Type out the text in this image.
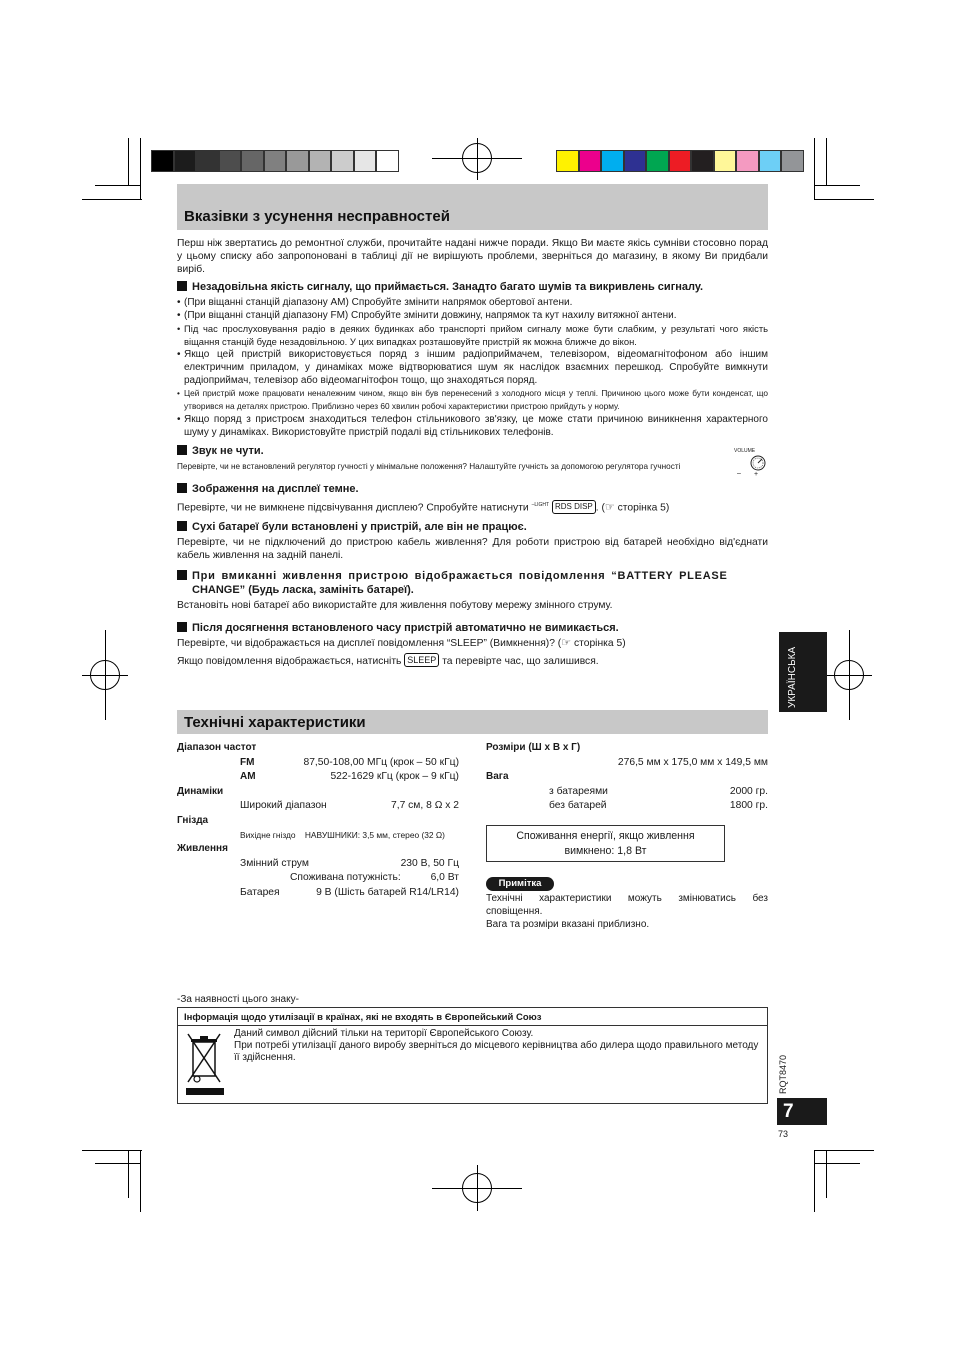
Вказівки з усунення несправностей

Перш ніж звертатись до ремонтної служби, прочитайте надані нижче поради. Якщо Ви маєте якісь сумніви стосовно порад у цьому списку або запропоновані в таблиці дії не вирішують проблеми, зверніться до магазину, в якому Ви придбали виріб.

Незадовільна якість сигналу, що приймається. Занадто багато шумів та викривлень сигналу.
• (При віщанні станцій діапазону AM) Спробуйте змінити напрямок обертової антени.
• (При віщанні станцій діапазону FM) Спробуйте змінити довжину, напрямок та кут нахилу витяжної антени.
• Під час прослуховування радіо в деяких будинках або транспорті прийом сигналу може бути слабким, у результаті чого якість віщання станцій буде незадовільною. У цих випадках розташовуйте пристрій як можна ближче до вікон.
• Якщо цей пристрій використовується поряд з іншим радіоприймачем, телевізором, відеомагнітофоном або іншим електричним приладом, у динаміках може відтворюватися шум як наслідок взаємних перешкод. Спробуйте вимкнути радіоприймач, телевізор або відеомагнітофон тощо, що знаходяться поряд.
• Цей пристрій може працювати неналежним чином, якщо він був перенесений з холодного місця у теплі. Причиною цього може бути конденсат, що утворився на деталях пристрою. Приблизно через 60 хвилин робочі характеристики пристрою прийдуть у норму.
• Якщо поряд з пристроєм знаходиться телефон стільникового зв'язку, це може стати причиною виникнення характерного шуму у динаміках. Використовуйте пристрій подалі від стільникових телефонів.
Звук не чути.
Перевірте, чи не встановлений регулятор гучності у мінімальне положення? Налаштуйте гучність за допомогою регулятора гучності
VOLUME
– +
Зображення на дисплеї темне.
Перевірте, чи не вимкнене підсвічування дисплею? Спробуйте натиснути $^{-LIGHT}$ RDS DISP . (☞ сторінка 5)
Сухі батареї були встановлені у пристрій, але він не працює.

Перевірте, чи не підключений до пристрою кабель живлення? Для роботи пристрою від батарей необхідно від'єднати кабель живлення на задній панелі.

При вмиканні живлення пристрою відображається повідомлення “BATTERY PLEASE
CHANGE” (Будь ласка, замініть батареї).

Встановіть нові батареї або використайте для живлення побутову мережу змінного струму.

Після досягнення встановленого часу пристрій автоматично не вимикається.
Перевірте, чи відображається на дисплеї повідомлення “SLEEP” (Вимкнення)? (☞ сторінка 5)
Якщо повідомлення відображається, натисніть SLEEP та перевірте час, що залишився.	УКРАЇНСЬКА
Технічні характеристики
Діапазон частот
FM	87,50-108,00 МГц (крок – 50 кГц)
AM	522-1629 кГц (крок – 9 кГц)
Динаміки
Широкий діапазон	7,7 см, 8 Ω x 2
Гнізда
Вихідне гніздо НАВУШНИКИ: 3,5 мм, стерео (32 Ω)
Живлення
Змінний струм	230 В, 50 Гц
Споживана потужність:	6,0 Вт
Батарея	9 В (Шість батарей R14/LR14)
Розміри (Ш x В x Г)
276,5 мм x 175,0 мм x 149,5 мм
Вага
з батареями	2000 гр.
без батарей	1800 гр.
Споживання енергії, якщо живлення
вимкнено: 1,8 Вт
Примітка
Технічні характеристики можуть змінюватись без сповіщення.
Вага та розміри вказані приблизно.
-За наявності цього знаку-
Інформація щодо утилізації в країнах, які не входять в Європейський Союз
Даний символ дійсний тільки на території Європейського Союзу.
При потребі утилізації даного виробу зверніться до місцевого керівництва або дилера щодо правильного методу її здійснення.	RQT8470
7
73
